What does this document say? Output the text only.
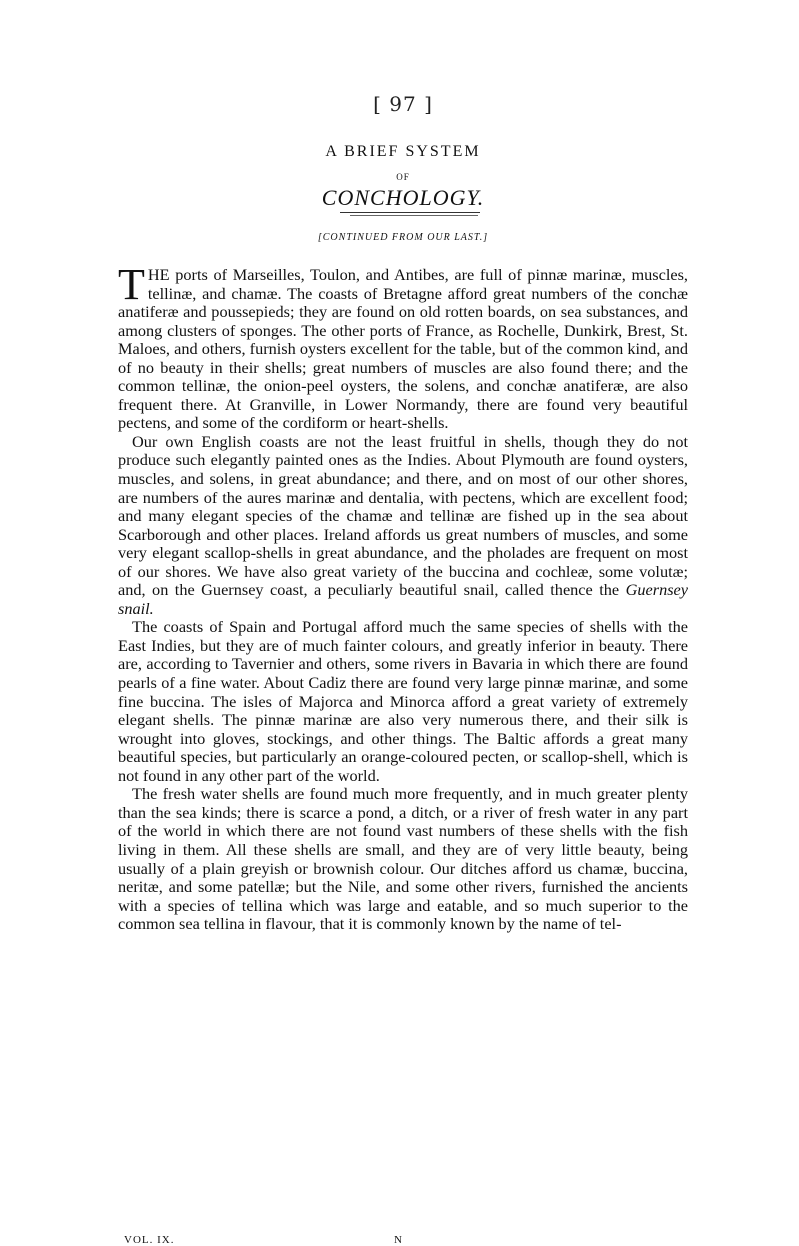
[ 97 ]
A BRIEF SYSTEM
OF
CONCHOLOGY.
[CONTINUED FROM OUR LAST.]

THE ports of Marseilles, Toulon, and Antibes, are full of pinnæ marinæ, muscles, tellinæ, and chamæ. The coasts of Bretagne afford great numbers of the conchæ anatiferæ and poussepieds; they are found on old rotten boards, on sea substances, and among clusters of sponges. The other ports of France, as Rochelle, Dunkirk, Brest, St. Maloes, and others, furnish oysters excellent for the table, but of the common kind, and of no beauty in their shells; great numbers of muscles are also found there; and the common tellinæ, the onion-peel oysters, the solens, and conchæ anatiferæ, are also frequent there. At Granville, in Lower Normandy, there are found very beautiful pectens, and some of the cordiform or heart-shells.

Our own English coasts are not the least fruitful in shells, though they do not produce such elegantly painted ones as the Indies. About Plymouth are found oysters, muscles, and solens, in great abundance; and there, and on most of our other shores, are numbers of the aures marinæ and dentalia, with pectens, which are excellent food; and many elegant species of the chamæ and tellinæ are fished up in the sea about Scarborough and other places. Ireland affords us great numbers of muscles, and some very elegant scallop-shells in great abundance, and the pholades are frequent on most of our shores. We have also great variety of the buccina and cochleæ, some volutæ; and, on the Guernsey coast, a peculiarly beautiful snail, called thence the Guernsey snail.

The coasts of Spain and Portugal afford much the same species of shells with the East Indies, but they are of much fainter colours, and greatly inferior in beauty. There are, according to Tavernier and others, some rivers in Bavaria in which there are found pearls of a fine water. About Cadiz there are found very large pinnæ marinæ, and some fine buccina. The isles of Majorca and Minorca afford a great variety of extremely elegant shells. The pinnæ marinæ are also very numerous there, and their silk is wrought into gloves, stockings, and other things. The Baltic affords a great many beautiful species, but particularly an orange-coloured pecten, or scallop-shell, which is not found in any other part of the world.

The fresh water shells are found much more frequently, and in much greater plenty than the sea kinds; there is scarce a pond, a ditch, or a river of fresh water in any part of the world in which there are not found vast numbers of these shells with the fish living in them. All these shells are small, and they are of very little beauty, being usually of a plain greyish or brownish colour. Our ditches afford us chamæ, buccina, neritæ, and some patellæ; but the Nile, and some other rivers, furnished the ancients with a species of tellina which was large and eatable, and so much superior to the common sea tellina in flavour, that it is commonly known by the name of tel-

VOL. IX.	N
